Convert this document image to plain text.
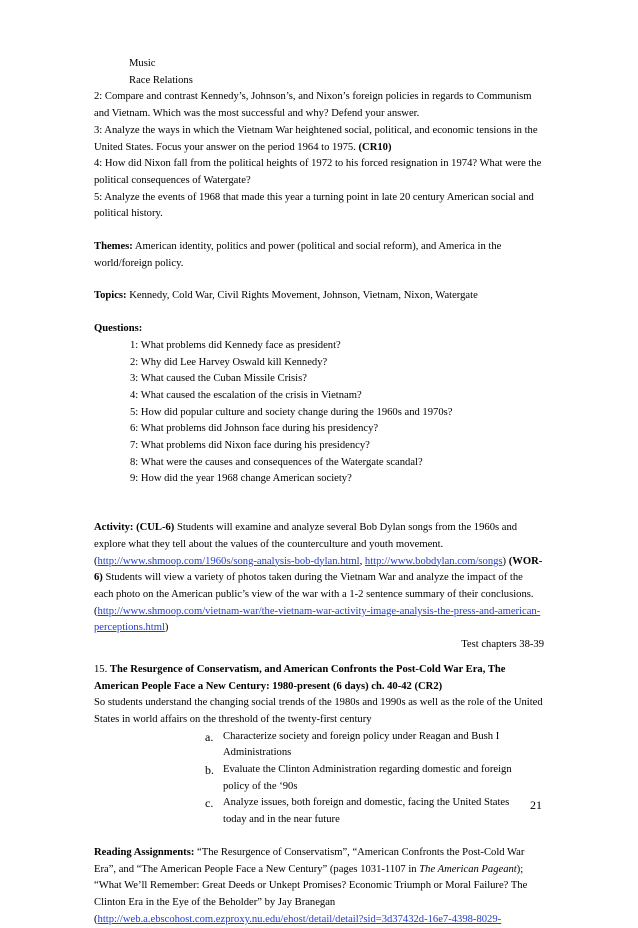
Music
Race Relations

2: Compare and contrast Kennedy’s, Johnson’s, and Nixon’s foreign policies in regards to Communism and Vietnam. Which was the most successful and why? Defend your answer.

3: Analyze the ways in which the Vietnam War heightened social, political, and economic tensions in the United States. Focus your answer on the period 1964 to 1975. (CR10)

4: How did Nixon fall from the political heights of 1972 to his forced resignation in 1974? What were the political consequences of Watergate?

5: Analyze the events of 1968 that made this year a turning point in late 20 century American social and political history.

Themes: American identity, politics and power (political and social reform), and America in the world/foreign policy.

Topics: Kennedy, Cold War, Civil Rights Movement, Johnson, Vietnam, Nixon, Watergate

Questions:

1: What problems did Kennedy face as president?
2: Why did Lee Harvey Oswald kill Kennedy?
3: What caused the Cuban Missile Crisis?
4: What caused the escalation of the crisis in Vietnam?
5: How did popular culture and society change during the 1960s and 1970s?
6: What problems did Johnson face during his presidency?
7: What problems did Nixon face during his presidency?
8: What were the causes and consequences of the Watergate scandal?
9: How did the year 1968 change American society?

Activity: (CUL-6) Students will examine and analyze several Bob Dylan songs from the 1960s and explore what they tell about the values of the counterculture and youth movement. (http://www.shmoop.com/1960s/song-analysis-bob-dylan.html, http://www.bobdylan.com/songs) (WOR-6) Students will view a variety of photos taken during the Vietnam War and analyze the impact of the each photo on the American public’s view of the war with a 1-2 sentence summary of their conclusions. (http://www.shmoop.com/vietnam-war/the-vietnam-war-activity-image-analysis-the-press-and-american-perceptions.html)

Test chapters 38-39

15. The Resurgence of Conservatism, and American Confronts the Post-Cold War Era, The American People Face a New Century: 1980-present (6 days) ch. 40-42 (CR2)

So students understand the changing social trends of the 1980s and 1990s as well as the role of the United States in world affairs on the threshold of the twenty-first century

a. Characterize society and foreign policy under Reagan and Bush I Administrations
b. Evaluate the Clinton Administration regarding domestic and foreign policy of the ‘90s
c. Analyze issues, both foreign and domestic, facing the United States today and in the near future

Reading Assignments: “The Resurgence of Conservatism”, “American Confronts the Post-Cold War Era”, and “The American People Face a New Century” (pages 1031-1107 in The American Pageant); “What We’ll Remember: Great Deeds or Unkept Promises? Economic Triumph or Moral Failure? The Clinton Era in the Eye of the Beholder” by Jay Branegan (http://web.a.ebscohost.com.ezproxy.nu.edu/ehost/detail/detail?sid=3d37432d-16e7-4398-8029-

21
